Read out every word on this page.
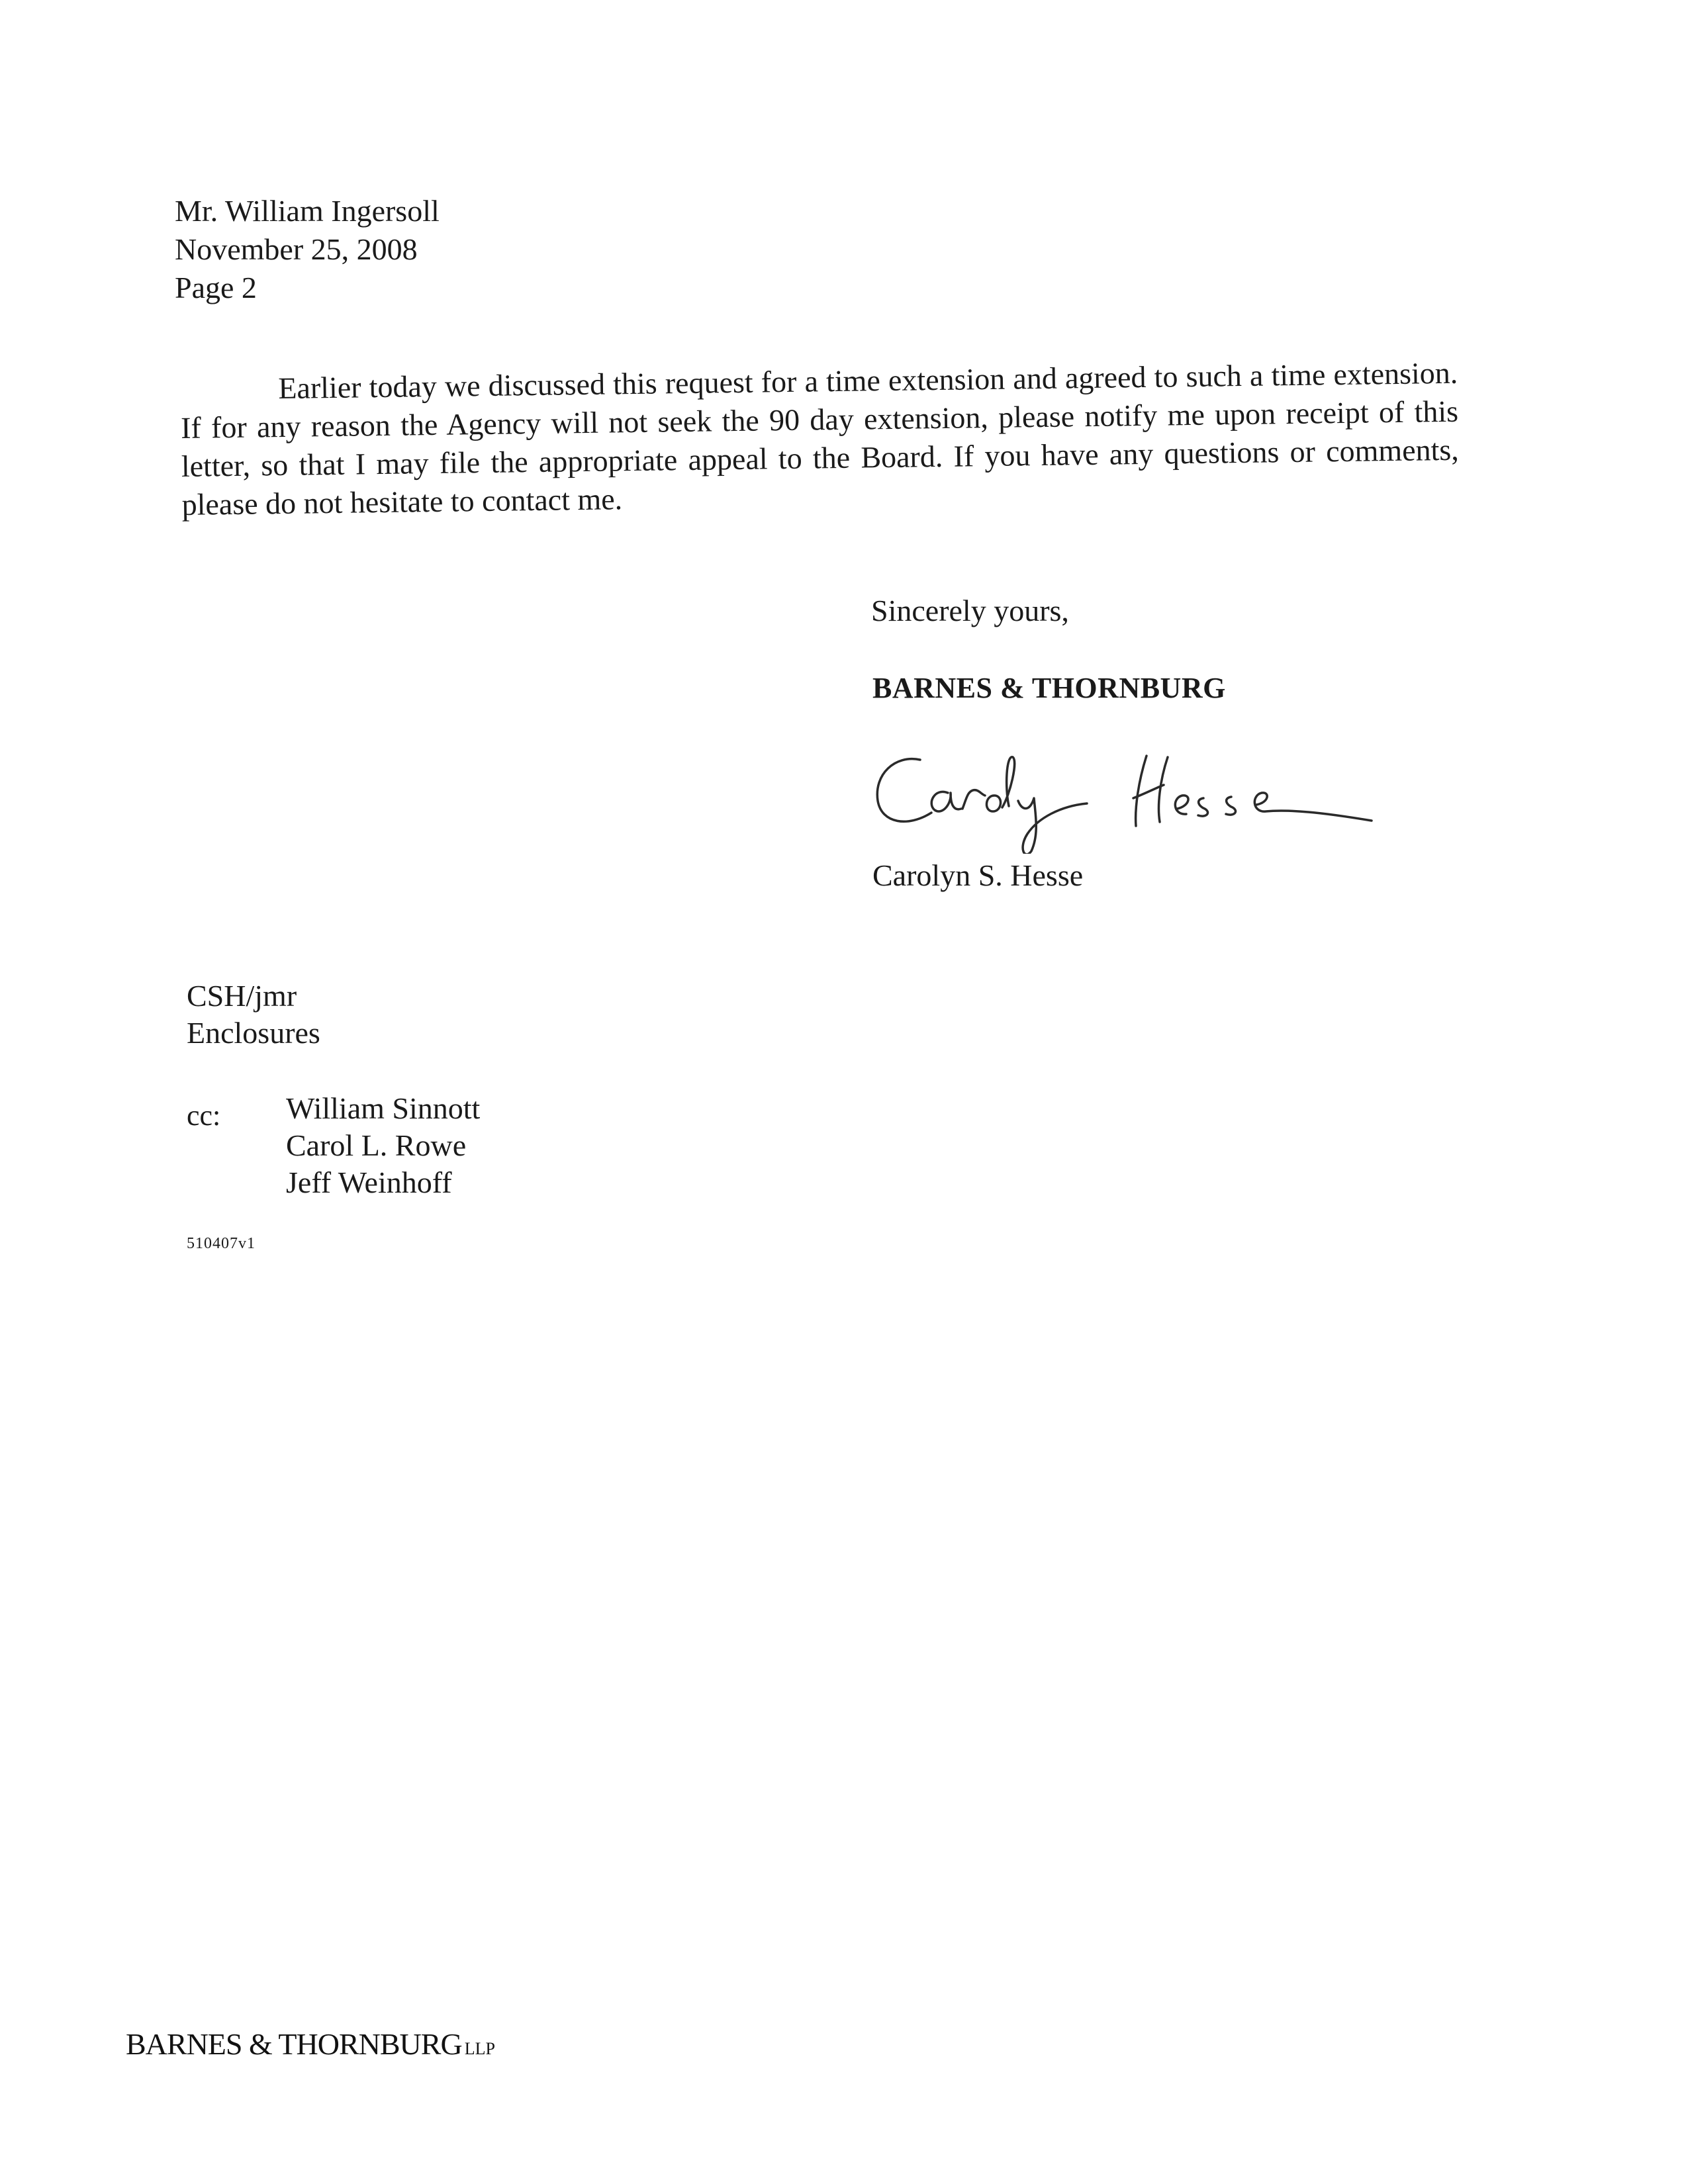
Mr. William Ingersoll
November 25, 2008
Page 2
Earlier today we discussed this request for a time extension and agreed to such a time extension. If for any reason the Agency will not seek the 90 day extension, please notify me upon receipt of this letter, so that I may file the appropriate appeal to the Board. If you have any questions or comments, please do not hesitate to contact me.
Sincerely yours,
BARNES & THORNBURG
Carolyn S. Hesse
CSH/jmr
Enclosures
cc: William Sinnott
Carol L. Rowe
Jeff Weinhoff
510407v1
BARNES & THORNBURG LLP
